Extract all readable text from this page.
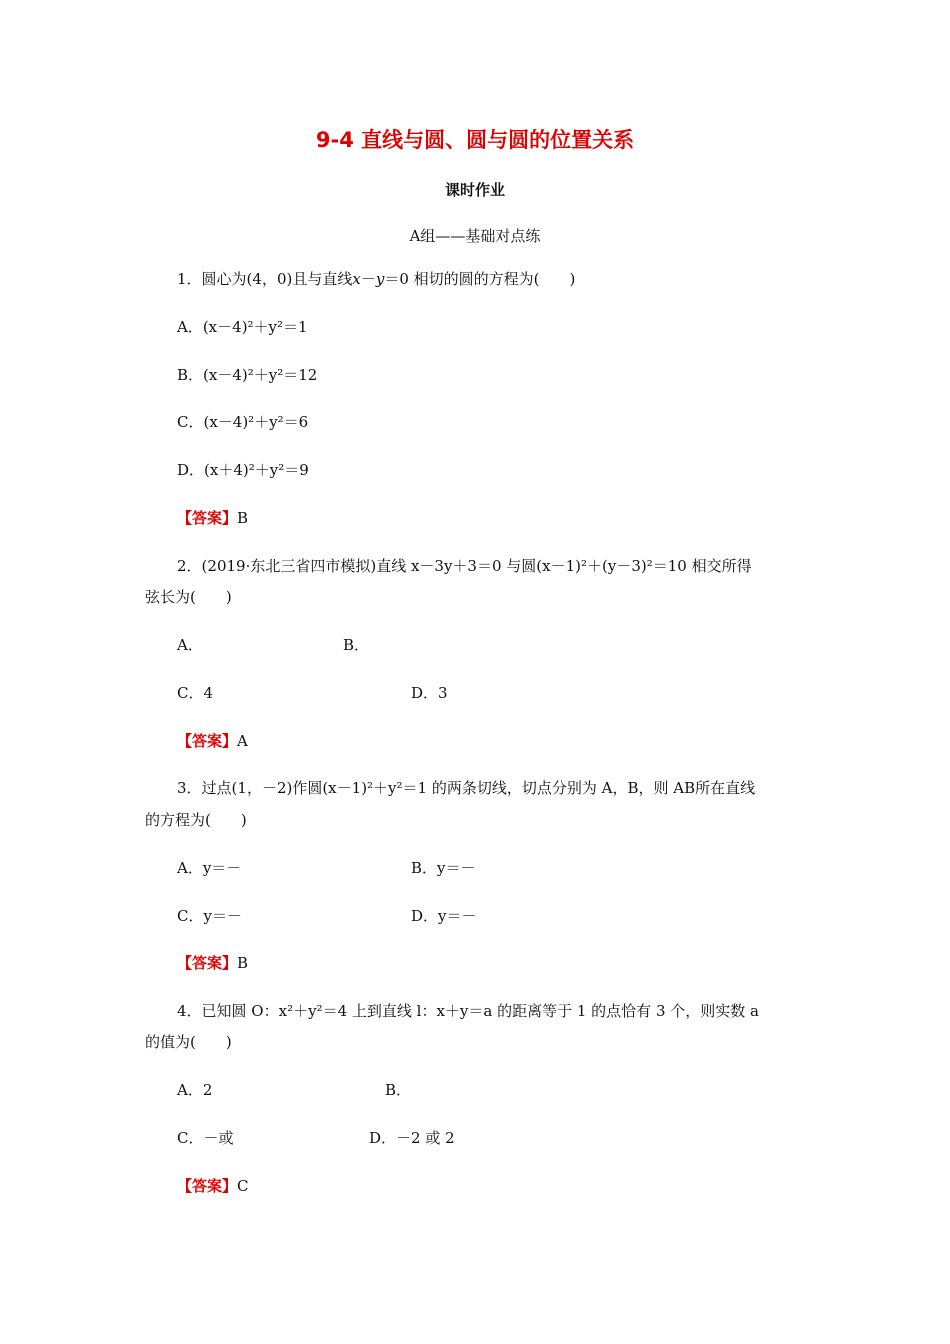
9-4 直线与圆、圆与圆的位置关系
课时作业
A组——基础对点练
1．圆心为(4，0)且与直线x－y＝0 相切的圆的方程为(　　)
A．(x－4)²＋y²＝1
B．(x－4)²＋y²＝12
C．(x－4)²＋y²＝6
D．(x＋4)²＋y²＝9
【答案】B
2．(2019·东北三省四市模拟)直线 x－3y＋3＝0 与圆(x－1)²＋(y－3)²＝10 相交所得
弦长为(　　)
A．	B．
C．4	D．3
【答案】A
3．过点(1，－2)作圆(x－1)²＋y²＝1 的两条切线，切点分别为 A，B，则 AB所在直线
的方程为(　　)
A．y＝－	B．y＝－
C．y＝－	D．y＝－
【答案】B
4．已知圆 O：x²＋y²＝4 上到直线 l：x＋y＝a 的距离等于 1 的点恰有 3 个，则实数 a
的值为(　　)
A．2	B．
C．－或	D．－2 或 2
【答案】C
